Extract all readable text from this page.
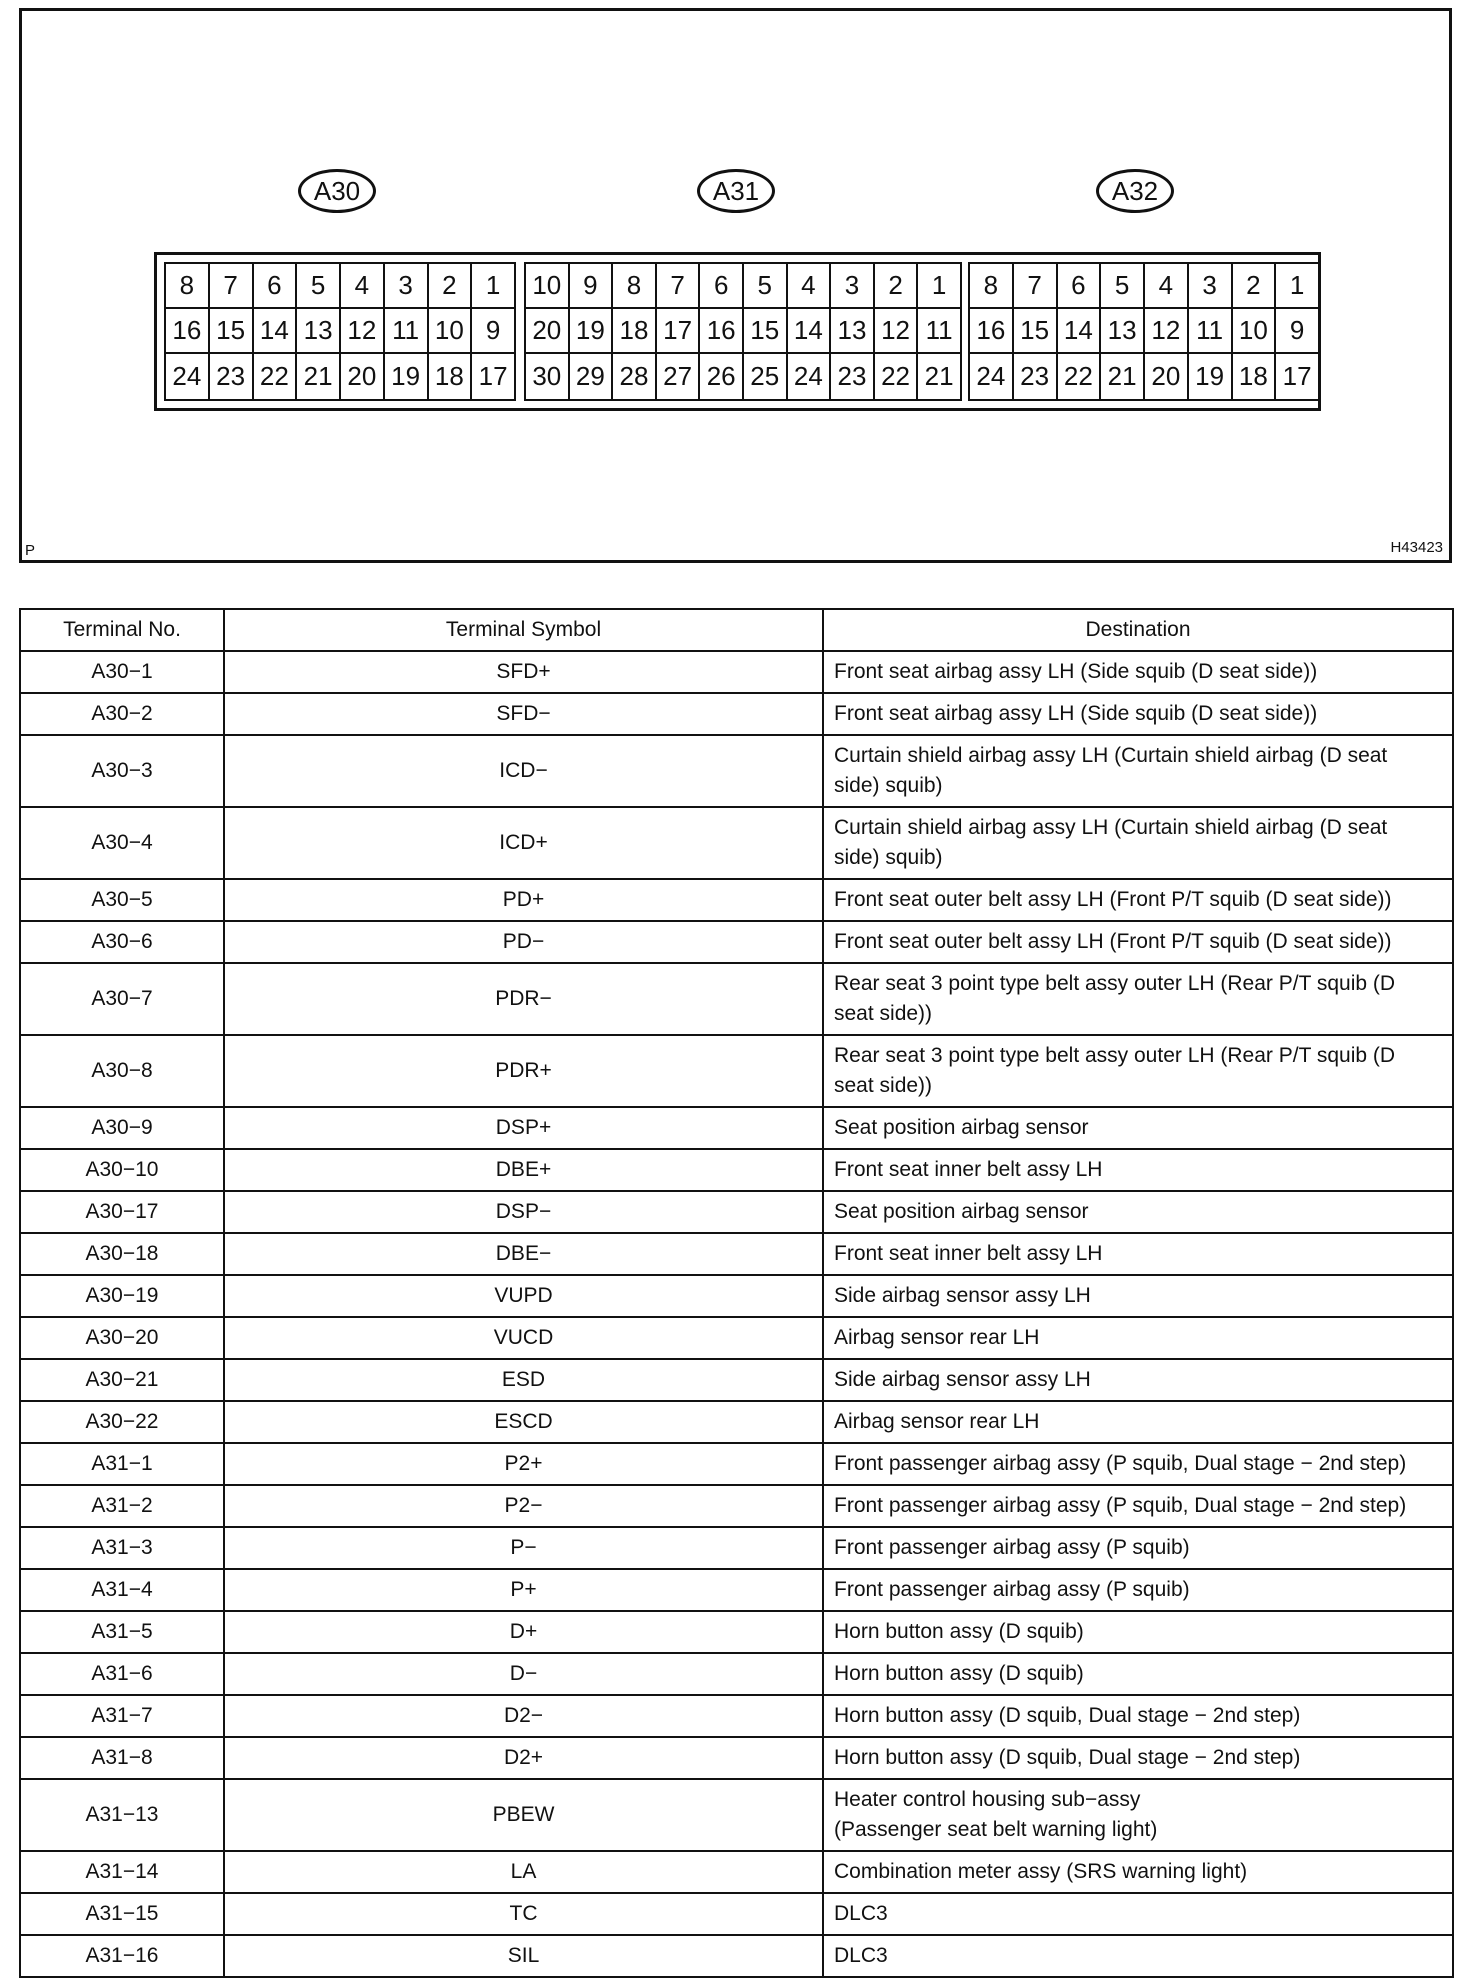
A30	A31	A32
8	7	6	5	4	3	2	1
16 15 14 13 12 11 10 9
24 23 22 21 20 19 18 17
10 9	8	7	6	5	4	3	2	1
20 19 18 17 16 15 14 13 12 11
30 29 28 27 26 25 24 23 22 21
8	7	6	5	4	3	2	1
16 15 14 13 12 11 10 9
24 23 22 21 20 19 18 17
P	H43423
Terminal No.	Terminal Symbol	Destination
A30−1	SFD+	Front seat airbag assy LH (Side squib (D seat side))

A30−2	SFD−	Front seat airbag assy LH (Side squib (D seat side))

A30−3	ICD−	Curtain shield airbag assy LH (Curtain shield airbag (D seat
side) squib)

A30−4	ICD+	Curtain shield airbag assy LH (Curtain shield airbag (D seat
side) squib)

A30−5	PD+	Front seat outer belt assy LH (Front P/T squib (D seat side))

A30−6	PD−	Front seat outer belt assy LH (Front P/T squib (D seat side))

A30−7	PDR−	Rear seat 3 point type belt assy outer LH (Rear P/T squib (D
seat side))

A30−8	PDR+	Rear seat 3 point type belt assy outer LH (Rear P/T squib (D
seat side))

A30−9	DSP+	Seat position airbag sensor

A30−10	DBE+	Front seat inner belt assy LH

A30−17	DSP−	Seat position airbag sensor

A30−18	DBE−	Front seat inner belt assy LH

A30−19	VUPD	Side airbag sensor assy LH

A30−20	VUCD	Airbag sensor rear LH

A30−21	ESD	Side airbag sensor assy LH

A30−22	ESCD	Airbag sensor rear LH

A31−1	P2+	Front passenger airbag assy (P squib, Dual stage − 2nd step)

A31−2	P2−	Front passenger airbag assy (P squib, Dual stage − 2nd step)

A31−3	P−	Front passenger airbag assy (P squib)

A31−4	P+	Front passenger airbag assy (P squib)

A31−5	D+	Horn button assy (D squib)

A31−6	D−	Horn button assy (D squib)

A31−7	D2−	Horn button assy (D squib, Dual stage − 2nd step)

A31−8	D2+	Horn button assy (D squib, Dual stage − 2nd step)

A31−13	PBEW	Heater control housing sub−assy
(Passenger seat belt warning light)

A31−14	LA	Combination meter assy (SRS warning light)

A31−15	TC	DLC3

A31−16	SIL	DLC3
